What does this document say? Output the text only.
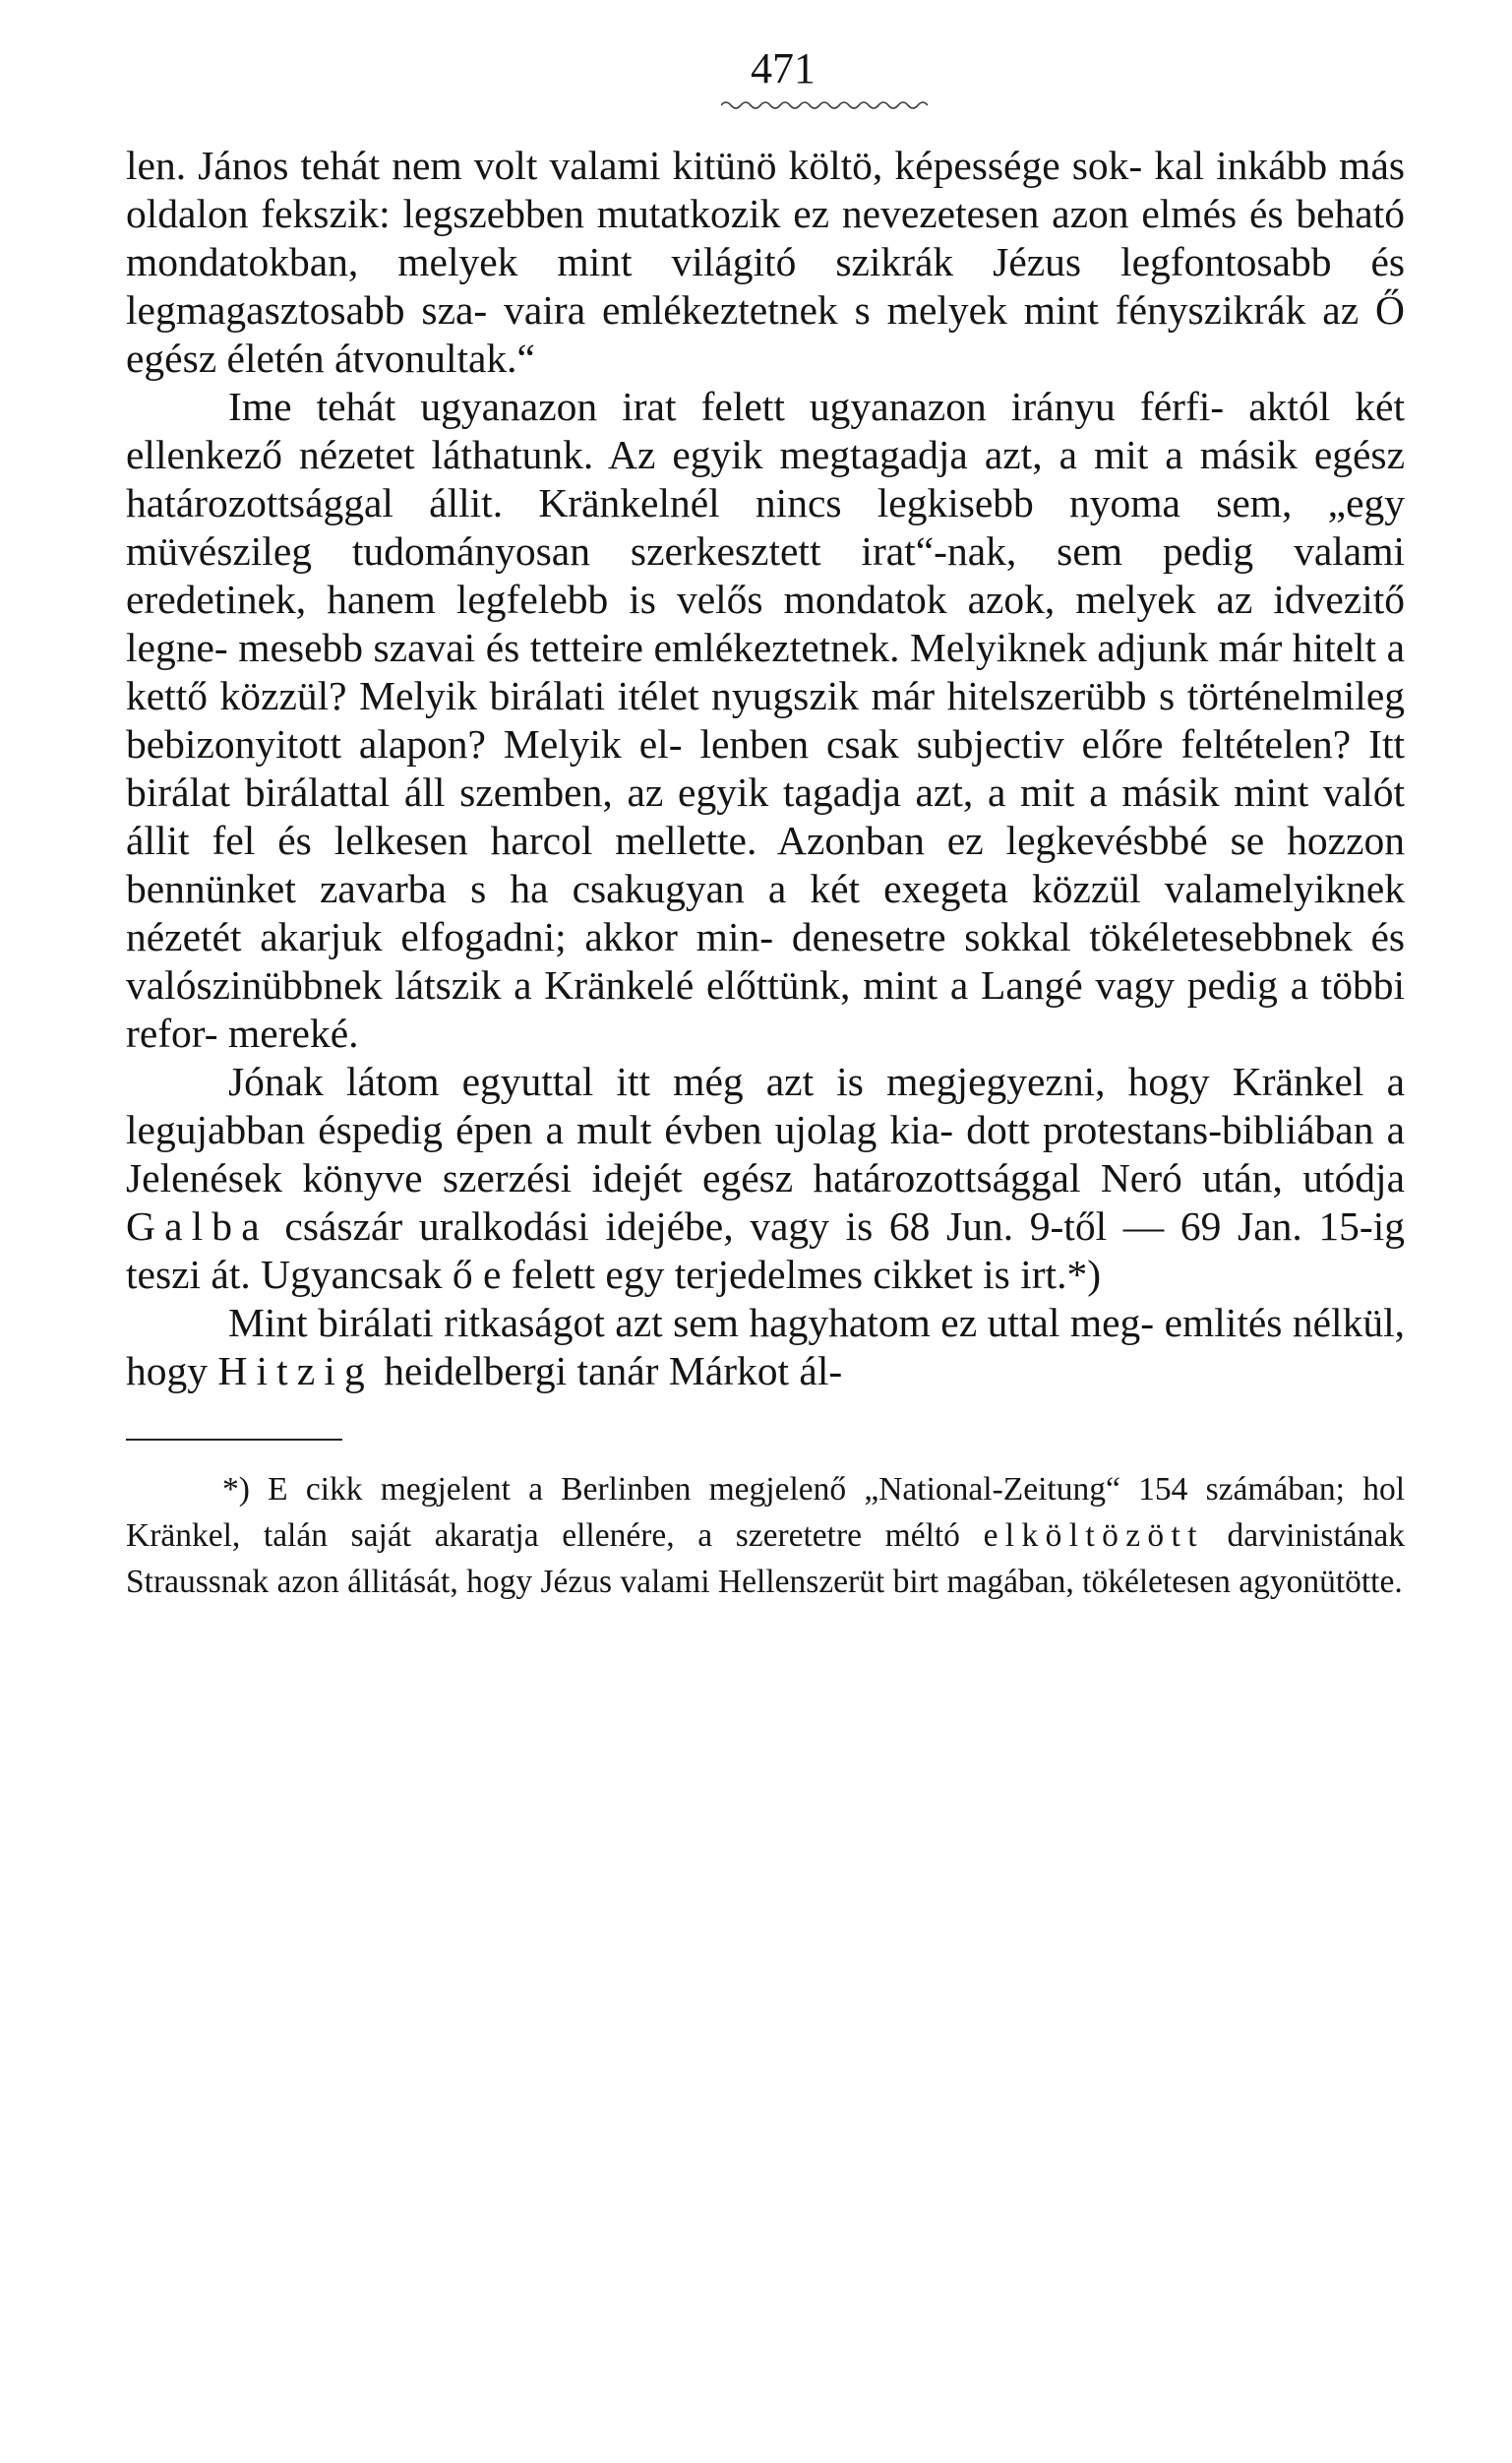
471

len. János tehát nem volt valami kitünö költö, képessége sok- kal inkább más oldalon fekszik: legszebben mutatkozik ez nevezetesen azon elmés és beható mondatokban, melyek mint világitó szikrák Jézus legfontosabb és legmagasztosabb sza- vaira emlékeztetnek s melyek mint fényszikrák az Ő egész életén átvonultak.“

Ime tehát ugyanazon irat felett ugyanazon irányu férfi- aktól két ellenkező nézetet láthatunk. Az egyik megtagadja azt, a mit a másik egész határozottsággal állit. Kränkelnél nincs legkisebb nyoma sem, „egy müvészileg tudományosan szerkesztett irat“-nak, sem pedig valami eredetinek, hanem legfelebb is velős mondatok azok, melyek az idvezitő legne- mesebb szavai és tetteire emlékeztetnek. Melyiknek adjunk már hitelt a kettő közzül? Melyik birálati itélet nyugszik már hitelszerübb s történelmileg bebizonyitott alapon? Melyik el- lenben csak subjectiv előre feltételen? Itt birálat birálattal áll szemben, az egyik tagadja azt, a mit a másik mint valót állit fel és lelkesen harcol mellette. Azonban ez legkevésbbé se hozzon bennünket zavarba s ha csakugyan a két exegeta közzül valamelyiknek nézetét akarjuk elfogadni; akkor min- denesetre sokkal tökéletesebbnek és valószinübbnek látszik a Kränkelé előttünk, mint a Langé vagy pedig a többi refor- mereké.

Jónak látom egyuttal itt még azt is megjegyezni, hogy Kränkel a legujabban éspedig épen a mult évben ujolag kia- dott protestans-bibliában a Jelenések könyve szerzési idejét egész határozottsággal Neró után, utódja Galba császár uralkodási idejébe, vagy is 68 Jun. 9-től — 69 Jan. 15-ig teszi át. Ugyancsak ő e felett egy terjedelmes cikket is irt.*)

Mint birálati ritkaságot azt sem hagyhatom ez uttal meg- emlités nélkül, hogy Hitzig heidelbergi tanár Márkot ál-

*) E cikk megjelent a Berlinben megjelenő „National-Zeitung“ 154 számában; hol Kränkel, talán saját akaratja ellenére, a szeretetre méltó elköltözött darvinistának Straussnak azon állitását, hogy Jézus valami Hellenszerüt birt magában, tökéletesen agyonütötte.
